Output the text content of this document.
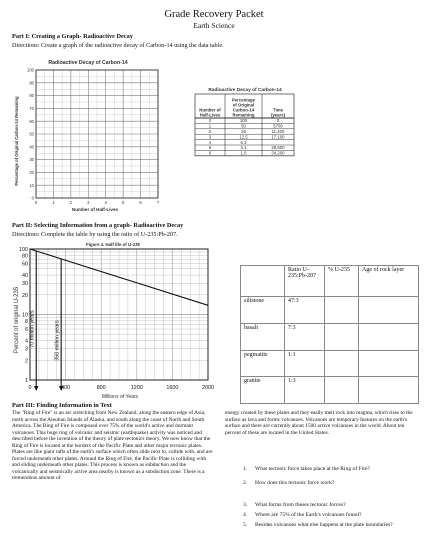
Grade Recovery Packet
Earth Science
Part I: Creating a Graph- Radioactive Decay
Directions: Create a graph of the radioactive decay of Carbon-14 using the data table.
Radioactive Decay of Carbon-14
Percentage of Original Carbon-14 Remaining
Number of Half-Lives
100
90
80
70
60
50
40
30
20
10
0
0	1	2	3	4	5	6	7
Radioactive Decay of Carbon-14
Number of Half-Lives
Percentage of Original Carbon-14 Remaining
Time (years)
0	100	0
1	50	5700
2	25	11,400
3	12.5	17,100
4	6.3
5	3.1	28,500
6	1.6	34,200
Part II: Selecting Information from a graph- Radioactive Decay
Directions: Complete the table by using the ratio of U-235:Pb-207.
Figure 4. Half life of U-235
Percent of original U-235
Millions of Years
70 million years	350 million years
100
80
60
40
30
20
10
8
6
4
3
2
1
0	400	800	1200	1600	2000
	Ratio U-235:Pb-207	% U-235	Age of rock layer
siltstone	47:3		
basalt	7:3		
pegmatite	1:1		
granite	1:3		
Part III: Finding Information in Text
The "Ring of Fire" is an arc stretching from New Zealand, along the eastern edge of Asia, north across the Aleutian Islands of Alaska, and south along the coast of North and South America. The Ring of Fire is composed over 75% of the world's active and dormant volcanoes. This huge ring of volcanic and seismic (earthquake) activity was noticed and described before the invention of the theory of plate tectonics theory. We now know that the Ring of Fire is located at the borders of the Pacific Plate and other major tectonic plates. Plates are like giant rafts of the earth's surface which often slide next to, collide with, and are forced underneath other plates. Around the Ring of Fire, the Pacific Plate is colliding with and sliding underneath other plates. This process is known as subduction and the volcanically and seismically active area nearby is known as a subduction zone. There is a tremendous amount of
energy created by these plates and they easily melt rock into magma, which rises to the surface as lava and forms volcanoes. Volcanoes are temporary features on the earth's surface and there are currently about 1500 active volcanoes in the world. About ten percent of these are located in the United States.
1. What tectonic force takes place at the Ring of Fire?
2. How does this tectonic force work?
3. What forms from theses tectonic forces?
4. Where are 75% of the Earth's volcanoes found?
5. Besides volcanoes what else happens at the plate boundaries?
